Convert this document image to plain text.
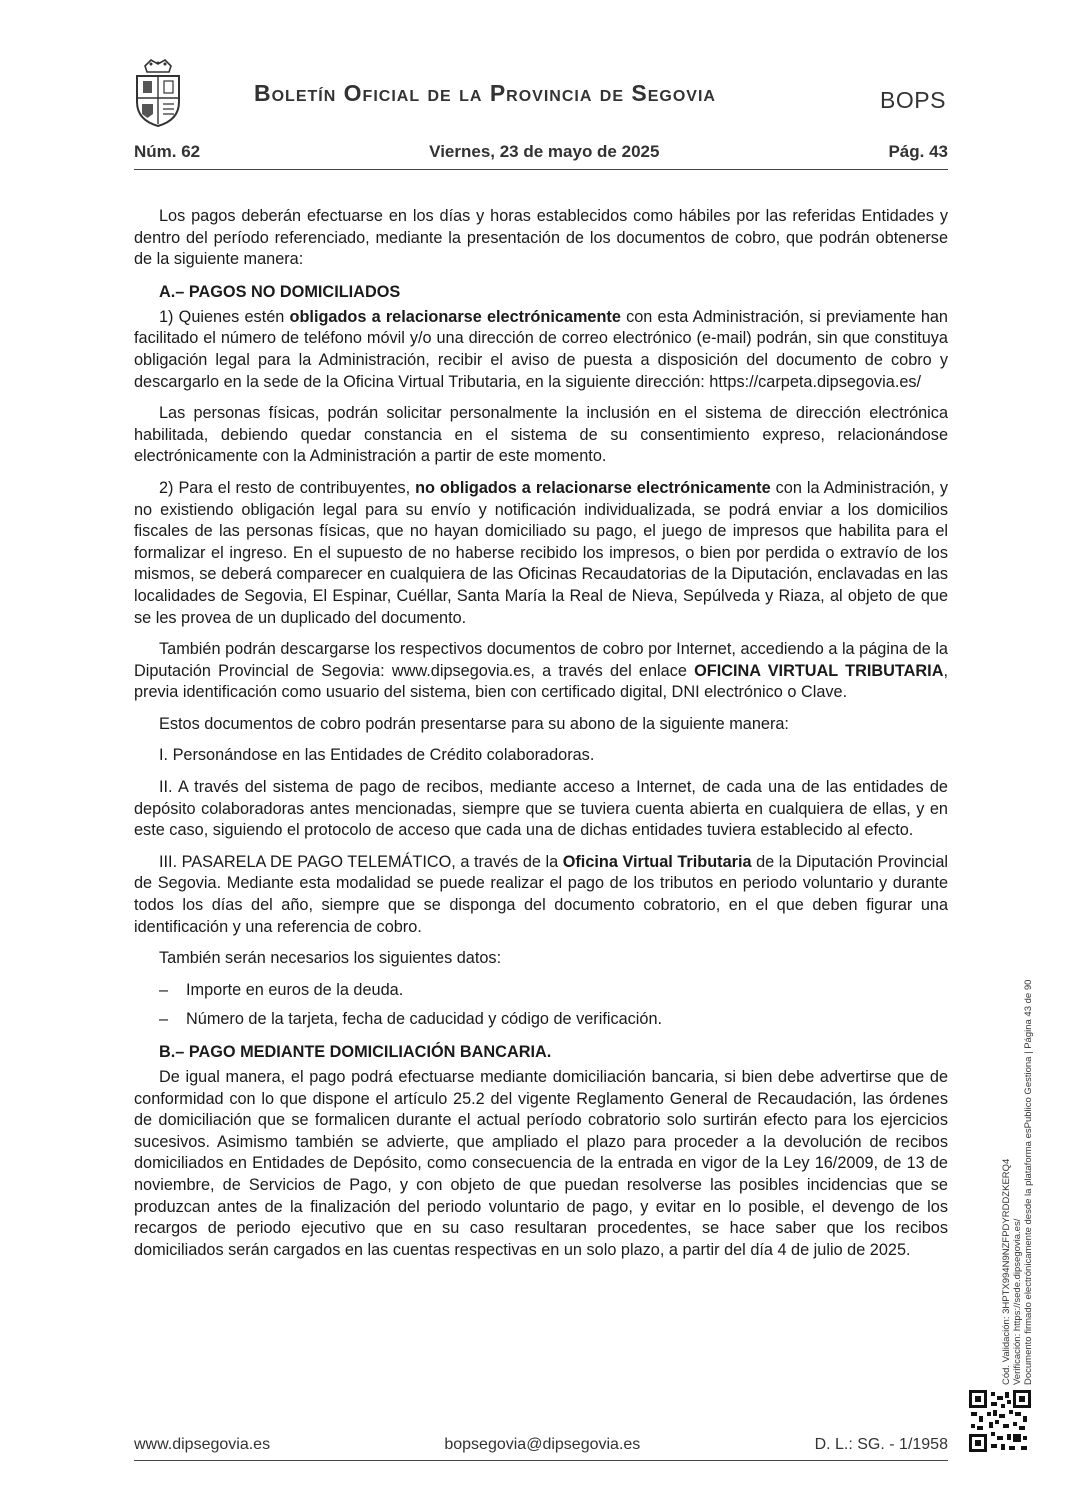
Boletín Oficial de la Provincia de Segovia	BOPS
Núm. 62	Viernes, 23 de mayo de 2025	Pág. 43

Los pagos deberán efectuarse en los días y horas establecidos como hábiles por las referidas Entidades y dentro del período referenciado, mediante la presentación de los documentos de cobro, que podrán obtenerse de la siguiente manera:

A.– PAGOS NO DOMICILIADOS

1) Quienes estén obligados a relacionarse electrónicamente con esta Administración, si previamente han facilitado el número de teléfono móvil y/o una dirección de correo electrónico (e-mail) podrán, sin que constituya obligación legal para la Administración, recibir el aviso de puesta a disposición del documento de cobro y descargarlo en la sede de la Oficina Virtual Tributaria, en la siguiente dirección: https://carpeta.dipsegovia.es/

Las personas físicas, podrán solicitar personalmente la inclusión en el sistema de dirección electrónica habilitada, debiendo quedar constancia en el sistema de su consentimiento expreso, relacionándose electrónicamente con la Administración a partir de este momento.

2) Para el resto de contribuyentes, no obligados a relacionarse electrónicamente con la Administración, y no existiendo obligación legal para su envío y notificación individualizada, se podrá enviar a los domicilios fiscales de las personas físicas, que no hayan domiciliado su pago, el juego de impresos que habilita para el formalizar el ingreso. En el supuesto de no haberse recibido los impresos, o bien por perdida o extravío de los mismos, se deberá comparecer en cualquiera de las Oficinas Recaudatorias de la Diputación, enclavadas en las localidades de Segovia, El Espinar, Cuéllar, Santa María la Real de Nieva, Sepúlveda y Riaza, al objeto de que se les provea de un duplicado del documento.

También podrán descargarse los respectivos documentos de cobro por Internet, accediendo a la página de la Diputación Provincial de Segovia: www.dipsegovia.es, a través del enlace OFICINA VIRTUAL TRIBUTARIA, previa identificación como usuario del sistema, bien con certificado digital, DNI electrónico o Clave.

Estos documentos de cobro podrán presentarse para su abono de la siguiente manera:

I. Personándose en las Entidades de Crédito colaboradoras.

II. A través del sistema de pago de recibos, mediante acceso a Internet, de cada una de las entidades de depósito colaboradoras antes mencionadas, siempre que se tuviera cuenta abierta en cualquiera de ellas, y en este caso, siguiendo el protocolo de acceso que cada una de dichas entidades tuviera establecido al efecto.

III. PASARELA DE PAGO TELEMÁTICO, a través de la Oficina Virtual Tributaria de la Diputación Provincial de Segovia. Mediante esta modalidad se puede realizar el pago de los tributos en periodo voluntario y durante todos los días del año, siempre que se disponga del documento cobratorio, en el que deben figurar una identificación y una referencia de cobro.

También serán necesarios los siguientes datos:

– Importe en euros de la deuda.
– Número de la tarjeta, fecha de caducidad y código de verificación.
B.– PAGO MEDIANTE DOMICILIACIÓN BANCARIA.

De igual manera, el pago podrá efectuarse mediante domiciliación bancaria, si bien debe advertirse que de conformidad con lo que dispone el artículo 25.2 del vigente Reglamento General de Recaudación, las órdenes de domiciliación que se formalicen durante el actual período cobratorio solo surtirán efecto para los ejercicios sucesivos. Asimismo también se advierte, que ampliado el plazo para proceder a la devolución de recibos domiciliados en Entidades de Depósito, como consecuencia de la entrada en vigor de la Ley 16/2009, de 13 de noviembre, de Servicios de Pago, y con objeto de que puedan resolverse las posibles incidencias que se produzcan antes de la finalización del periodo voluntario de pago, y evitar en lo posible, el devengo de los recargos de periodo ejecutivo que en su caso resultaran procedentes, se hace saber que los recibos domiciliados serán cargados en las cuentas respectivas en un solo plazo, a partir del día 4 de julio de 2025.	Cód. Validación: 3HPTX994N9NZFPDYRDDZKERQ4 Verificación: https://sede.dipsegovia.es/ Documento firmado electrónicamente desde la plataforma esPublico Gestiona | Página 43 de 90
www.dipsegovia.es	bopsegovia@dipsegovia.es	D. L.: SG. - 1/1958
